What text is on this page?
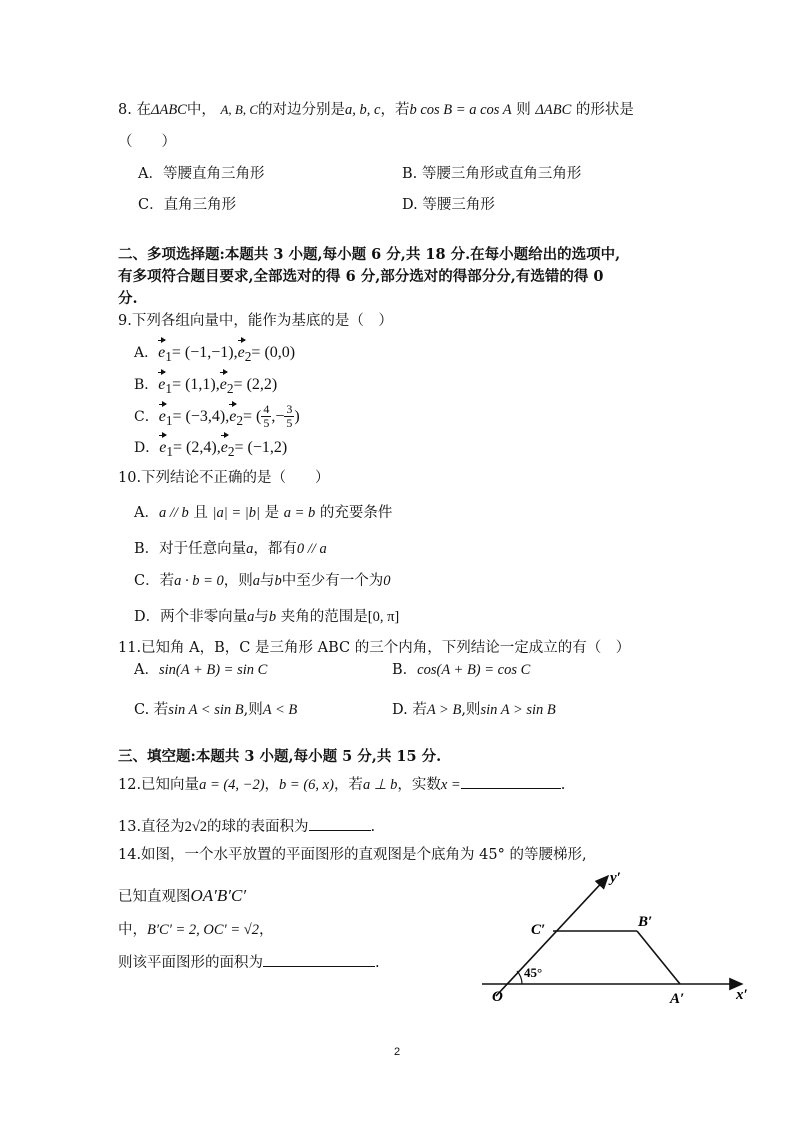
8. 在ΔABC中， A, B, C的对边分别是a, b, c，若b cos B = a cos A 则 ΔABC 的形状是
（　　）
A．等腰直角三角形	B. 等腰三角形或直角三角形
C．直角三角形	D. 等腰三角形
二、多项选择题:本题共 3 小题,每小题 6 分,共 18 分.在每小题给出的选项中,
有多项符合题目要求,全部选对的得 6 分,部分选对的得部分分,有选错的得 0
分.
9.下列各组向量中，能作为基底的是（　）
A．$e_1= (-1,-1),e_2= (0,0)$
B．$e_1= (1,1),e_2= (2,2)$
C．$e_1= (-3,4),e_2=$ ( $\frac{4}{5}$ ,− $\frac{3}{5}$ )
D．$e_1= (2,4),e_2= (-1,2)$
10.下列结论不正确的是（　　）
A．a // b 且 |a| = |b| 是 a = b 的充要条件
B．对于任意向量a，都有0 // a
C．若a · b = 0，则a与b中至少有一个为0
D．两个非零向量a与b 夹角的范围是[0, π]
11.已知角 A，B，C 是三角形 ABC 的三个内角，下列结论一定成立的有（　）
A．sin(A + B) = sin C	B．cos(A + B) = cos C
C. 若sin A < sin B,则A < B	D. 若A > B,则sin A > sin B
三、填空题:本题共 3 小题,每小题 5 分,共 15 分.
12.已知向量a = (4, −2)，b = (6, x)，若a ⊥ b，实数x =	.
13.直径为2√2的球的表面积为	.
14.如图，一个水平放置的平面图形的直观图是个底角为 45° 的等腰梯形,
已知直观图OA′B′C′
中，B′C′ = 2, OC′ = √2，
则该平面图形的面积为	.
y′
x′
O	A′
B′
C′
45°
2
